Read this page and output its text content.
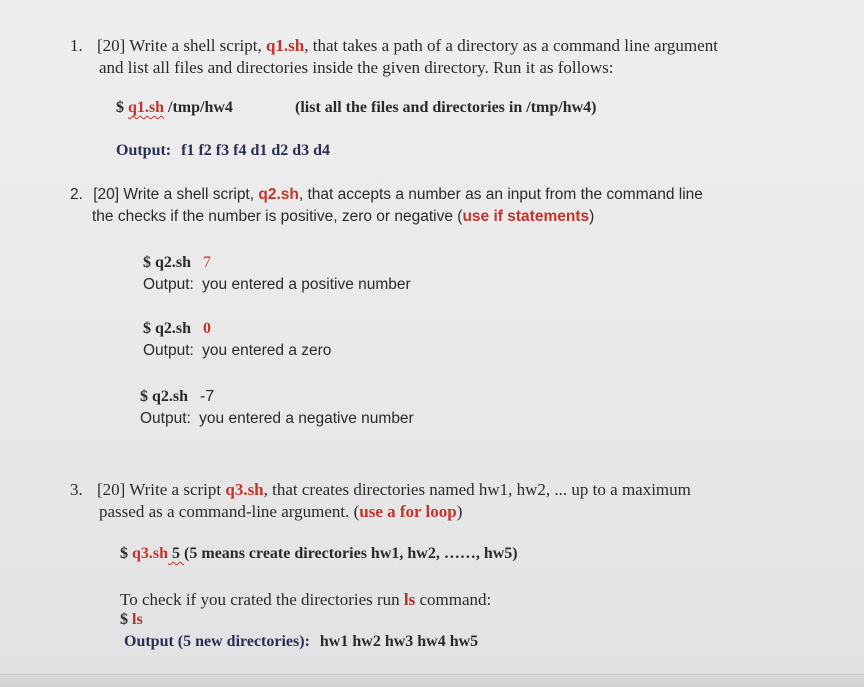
1. [20] Write a shell script, q1.sh, that takes a path of a directory as a command line argument
and list all files and directories inside the given directory. Run it as follows:
$ q1.sh /tmp/hw4	(list all the files and directories in /tmp/hw4)
Output: f1 f2 f3 f4 d1 d2 d3 d4
2. [20] Write a shell script, q2.sh, that accepts a number as an input from the command line
the checks if the number is positive, zero or negative (use if statements)
$ q2.sh 7
Output: you entered a positive number
$ q2.sh 0
Output: you entered a zero
$ q2.sh -7
Output: you entered a negative number
3. [20] Write a script q3.sh, that creates directories named hw1, hw2, ... up to a maximum
passed as a command-line argument. (use a for loop)
$ q3.sh 5 (5 means create directories hw1, hw2, ……, hw5)
To check if you crated the directories run ls command:
$ ls
Output (5 new directories): hw1 hw2 hw3 hw4 hw5
